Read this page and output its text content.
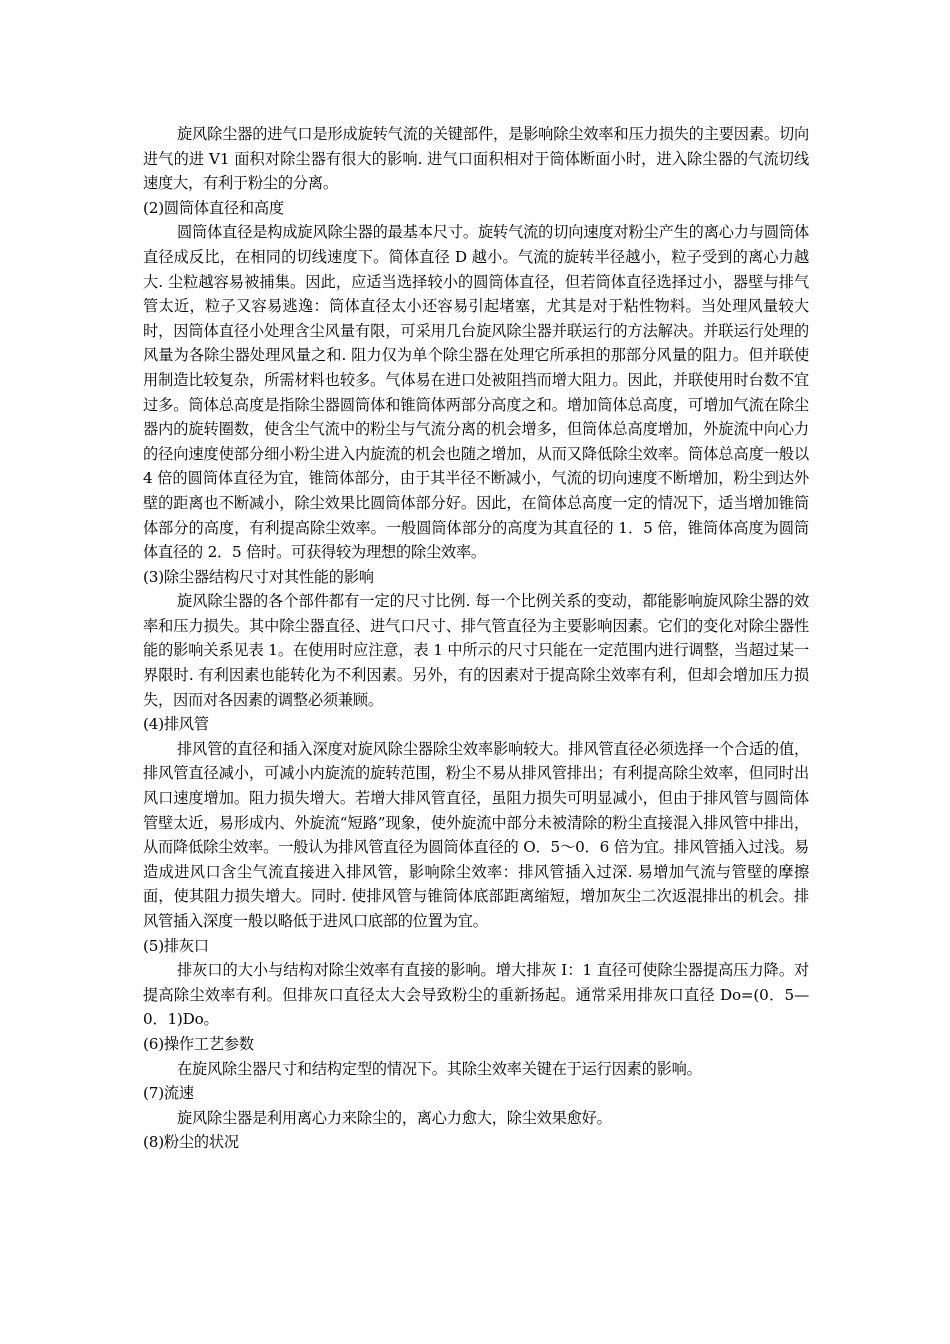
旋风除尘器的进气口是形成旋转气流的关键部件，是影响除尘效率和压力损失的主要因素。切向进气的进 V1 面积对除尘器有很大的影响. 进气口面积相对于筒体断面小时，进入除尘器的气流切线速度大，有利于粉尘的分离。

(2)圆筒体直径和高度

圆筒体直径是构成旋风除尘器的最基本尺寸。旋转气流的切向速度对粉尘产生的离心力与圆筒体直径成反比，在相同的切线速度下。简体直径 D 越小。气流的旋转半径越小，粒子受到的离心力越大. 尘粒越容易被捕集。因此，应适当选择较小的圆筒体直径，但若筒体直径选择过小，器壁与排气管太近，粒子又容易逃逸：筒体直径太小还容易引起堵塞，尤其是对于粘性物料。当处理风量较大时，因筒体直径小处理含尘风量有限，可采用几台旋风除尘器并联运行的方法解决。并联运行处理的风量为各除尘器处理风量之和. 阻力仅为单个除尘器在处理它所承担的那部分风量的阻力。但并联使用制造比较复杂，所需材料也较多。气体易在进口处被阻挡而增大阻力。因此，并联使用时台数不宜过多。筒体总高度是指除尘器圆筒体和锥筒体两部分高度之和。增加筒体总高度，可增加气流在除尘器内的旋转圈数，使含尘气流中的粉尘与气流分离的机会增多，但筒体总高度增加，外旋流中向心力的径向速度使部分细小粉尘进入内旋流的机会也随之增加，从而又降低除尘效率。筒体总高度一般以 4 倍的圆筒体直径为宜，锥筒体部分，由于其半径不断减小，气流的切向速度不断增加，粉尘到达外壁的距离也不断减小，除尘效果比圆筒体部分好。因此，在简体总高度一定的情况下，适当增加锥筒体部分的高度，有利提高除尘效率。一般圆筒体部分的高度为其直径的 1．5 倍，锥筒体高度为圆筒体直径的 2．5 倍时。可获得较为理想的除尘效率。

(3)除尘器结构尺寸对其性能的影响

旋风除尘器的各个部件都有一定的尺寸比例. 每一个比例关系的变动，都能影响旋风除尘器的效率和压力损失。其中除尘器直径、进气口尺寸、排气管直径为主要影响因素。它们的变化对除尘器性能的影响关系见表 1。在使用时应注意，表 1 中所示的尺寸只能在一定范围内进行调整，当超过某一界限时. 有利因素也能转化为不利因素。另外，有的因素对于提高除尘效率有利，但却会增加压力损失，因而对各因素的调整必须兼顾。

(4)排风管

排风管的直径和插入深度对旋风除尘器除尘效率影响较大。排风管直径必须选择一个合适的值，排风管直径减小，可减小内旋流的旋转范围，粉尘不易从排风管排出；有利提高除尘效率，但同时出风口速度增加。阻力损失增大。若增大排风管直径，虽阻力损失可明显减小，但由于排风管与圆筒体管壁太近，易形成内、外旋流“短路”现象，使外旋流中部分未被清除的粉尘直接混入排风管中排出，从而降低除尘效率。一般认为排风管直径为圆筒体直径的 O．5～0．6 倍为宜。排风管插入过浅。易造成进风口含尘气流直接进入排风管，影响除尘效率：排风管插入过深. 易增加气流与管壁的摩擦面，使其阻力损失增大。同时. 使排风管与锥筒体底部距离缩短，增加灰尘二次返混排出的机会。排风管插入深度一般以略低于进风口底部的位置为宜。

(5)排灰口

排灰口的大小与结构对除尘效率有直接的影响。增大排灰 I：1 直径可使除尘器提高压力降。对提高除尘效率有利。但排灰口直径太大会导致粉尘的重新扬起。通常采用排灰口直径 Do=(0．5—0．1)Do。

(6)操作工艺参数

在旋风除尘器尺寸和结构定型的情况下。其除尘效率关键在于运行因素的影响。

(7)流速

旋风除尘器是利用离心力来除尘的，离心力愈大，除尘效果愈好。

(8)粉尘的状况
